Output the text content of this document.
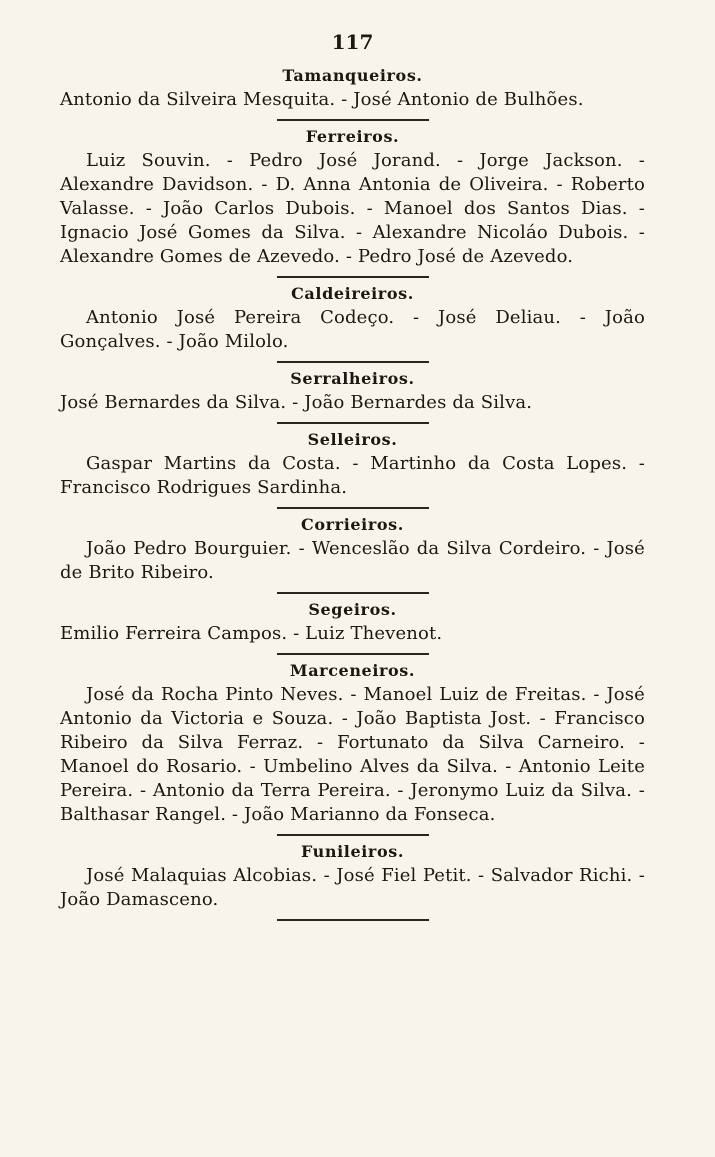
117
Tamanqueiros.

Antonio da Silveira Mesquita. - José Antonio de Bulhões.

Ferreiros.

Luiz Souvin. - Pedro José Jorand. - Jorge Jackson. - Alexandre Davidson. - D. Anna Antonia de Oliveira. - Roberto Valasse. - João Carlos Dubois. - Manoel dos Santos Dias. - Ignacio José Gomes da Silva. - Alexandre Nicoláo Dubois. - Alexandre Gomes de Azevedo. - Pedro José de Azevedo.

Caldeireiros.

Antonio José Pereira Codeço. - José Deliau. - João Gonçalves. - João Milolo.

Serralheiros.

José Bernardes da Silva. - João Bernardes da Silva.

Selleiros.

Gaspar Martins da Costa. - Martinho da Costa Lopes. - Francisco Rodrigues Sardinha.

Corrieiros.

João Pedro Bourguier. - Wenceslão da Silva Cordeiro. - José de Brito Ribeiro.

Segeiros.

Emilio Ferreira Campos. - Luiz Thevenot.

Marceneiros.

José da Rocha Pinto Neves. - Manoel Luiz de Freitas. - José Antonio da Victoria e Souza. - João Baptista Jost. - Francisco Ribeiro da Silva Ferraz. - Fortunato da Silva Carneiro. - Manoel do Rosario. - Umbelino Alves da Silva. - Antonio Leite Pereira. - Antonio da Terra Pereira. - Jeronymo Luiz da Silva. - Balthasar Rangel. - João Marianno da Fonseca.

Funileiros.

José Malaquias Alcobias. - José Fiel Petit. - Salvador Richi. - João Damasceno.
